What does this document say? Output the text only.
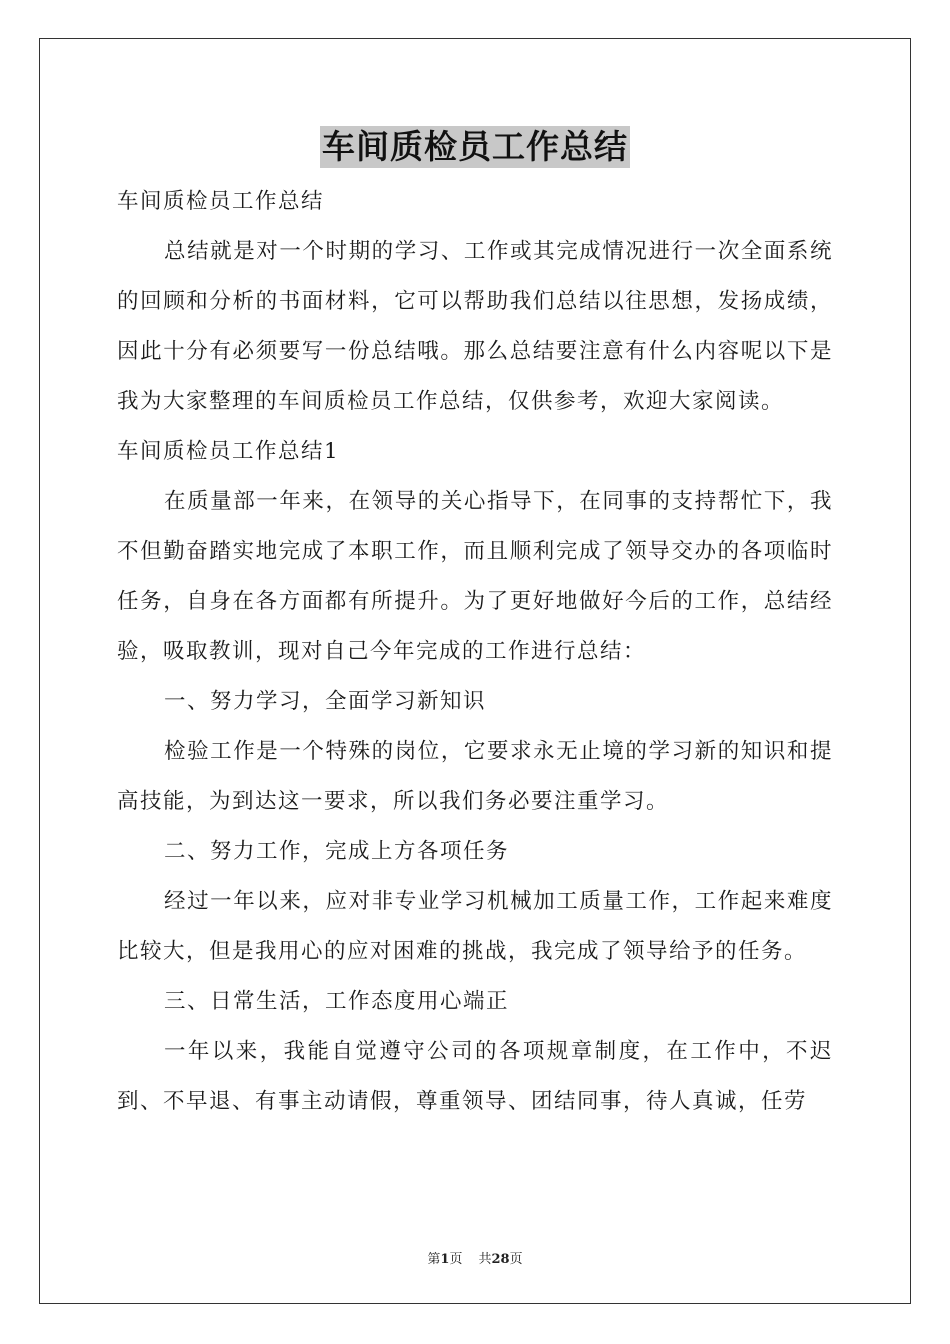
车间质检员工作总结

车间质检员工作总结

总结就是对一个时期的学习、工作或其完成情况进行一次全面系统的回顾和分析的书面材料，它可以帮助我们总结以往思想，发扬成绩，因此十分有必须要写一份总结哦。那么总结要注意有什么内容呢以下是我为大家整理的车间质检员工作总结，仅供参考，欢迎大家阅读。

车间质检员工作总结1

在质量部一年来，在领导的关心指导下，在同事的支持帮忙下，我不但勤奋踏实地完成了本职工作，而且顺利完成了领导交办的各项临时任务，自身在各方面都有所提升。为了更好地做好今后的工作，总结经验，吸取教训，现对自己今年完成的工作进行总结：

一、努力学习，全面学习新知识

检验工作是一个特殊的岗位，它要求永无止境的学习新的知识和提高技能，为到达这一要求，所以我们务必要注重学习。

二、努力工作，完成上方各项任务

经过一年以来，应对非专业学习机械加工质量工作，工作起来难度比较大，但是我用心的应对困难的挑战，我完成了领导给予的任务。

三、日常生活，工作态度用心端正

一年以来，我能自觉遵守公司的各项规章制度，在工作中，不迟到、不早退、有事主动请假，尊重领导、团结同事，待人真诚，任劳

第1页 共28页
